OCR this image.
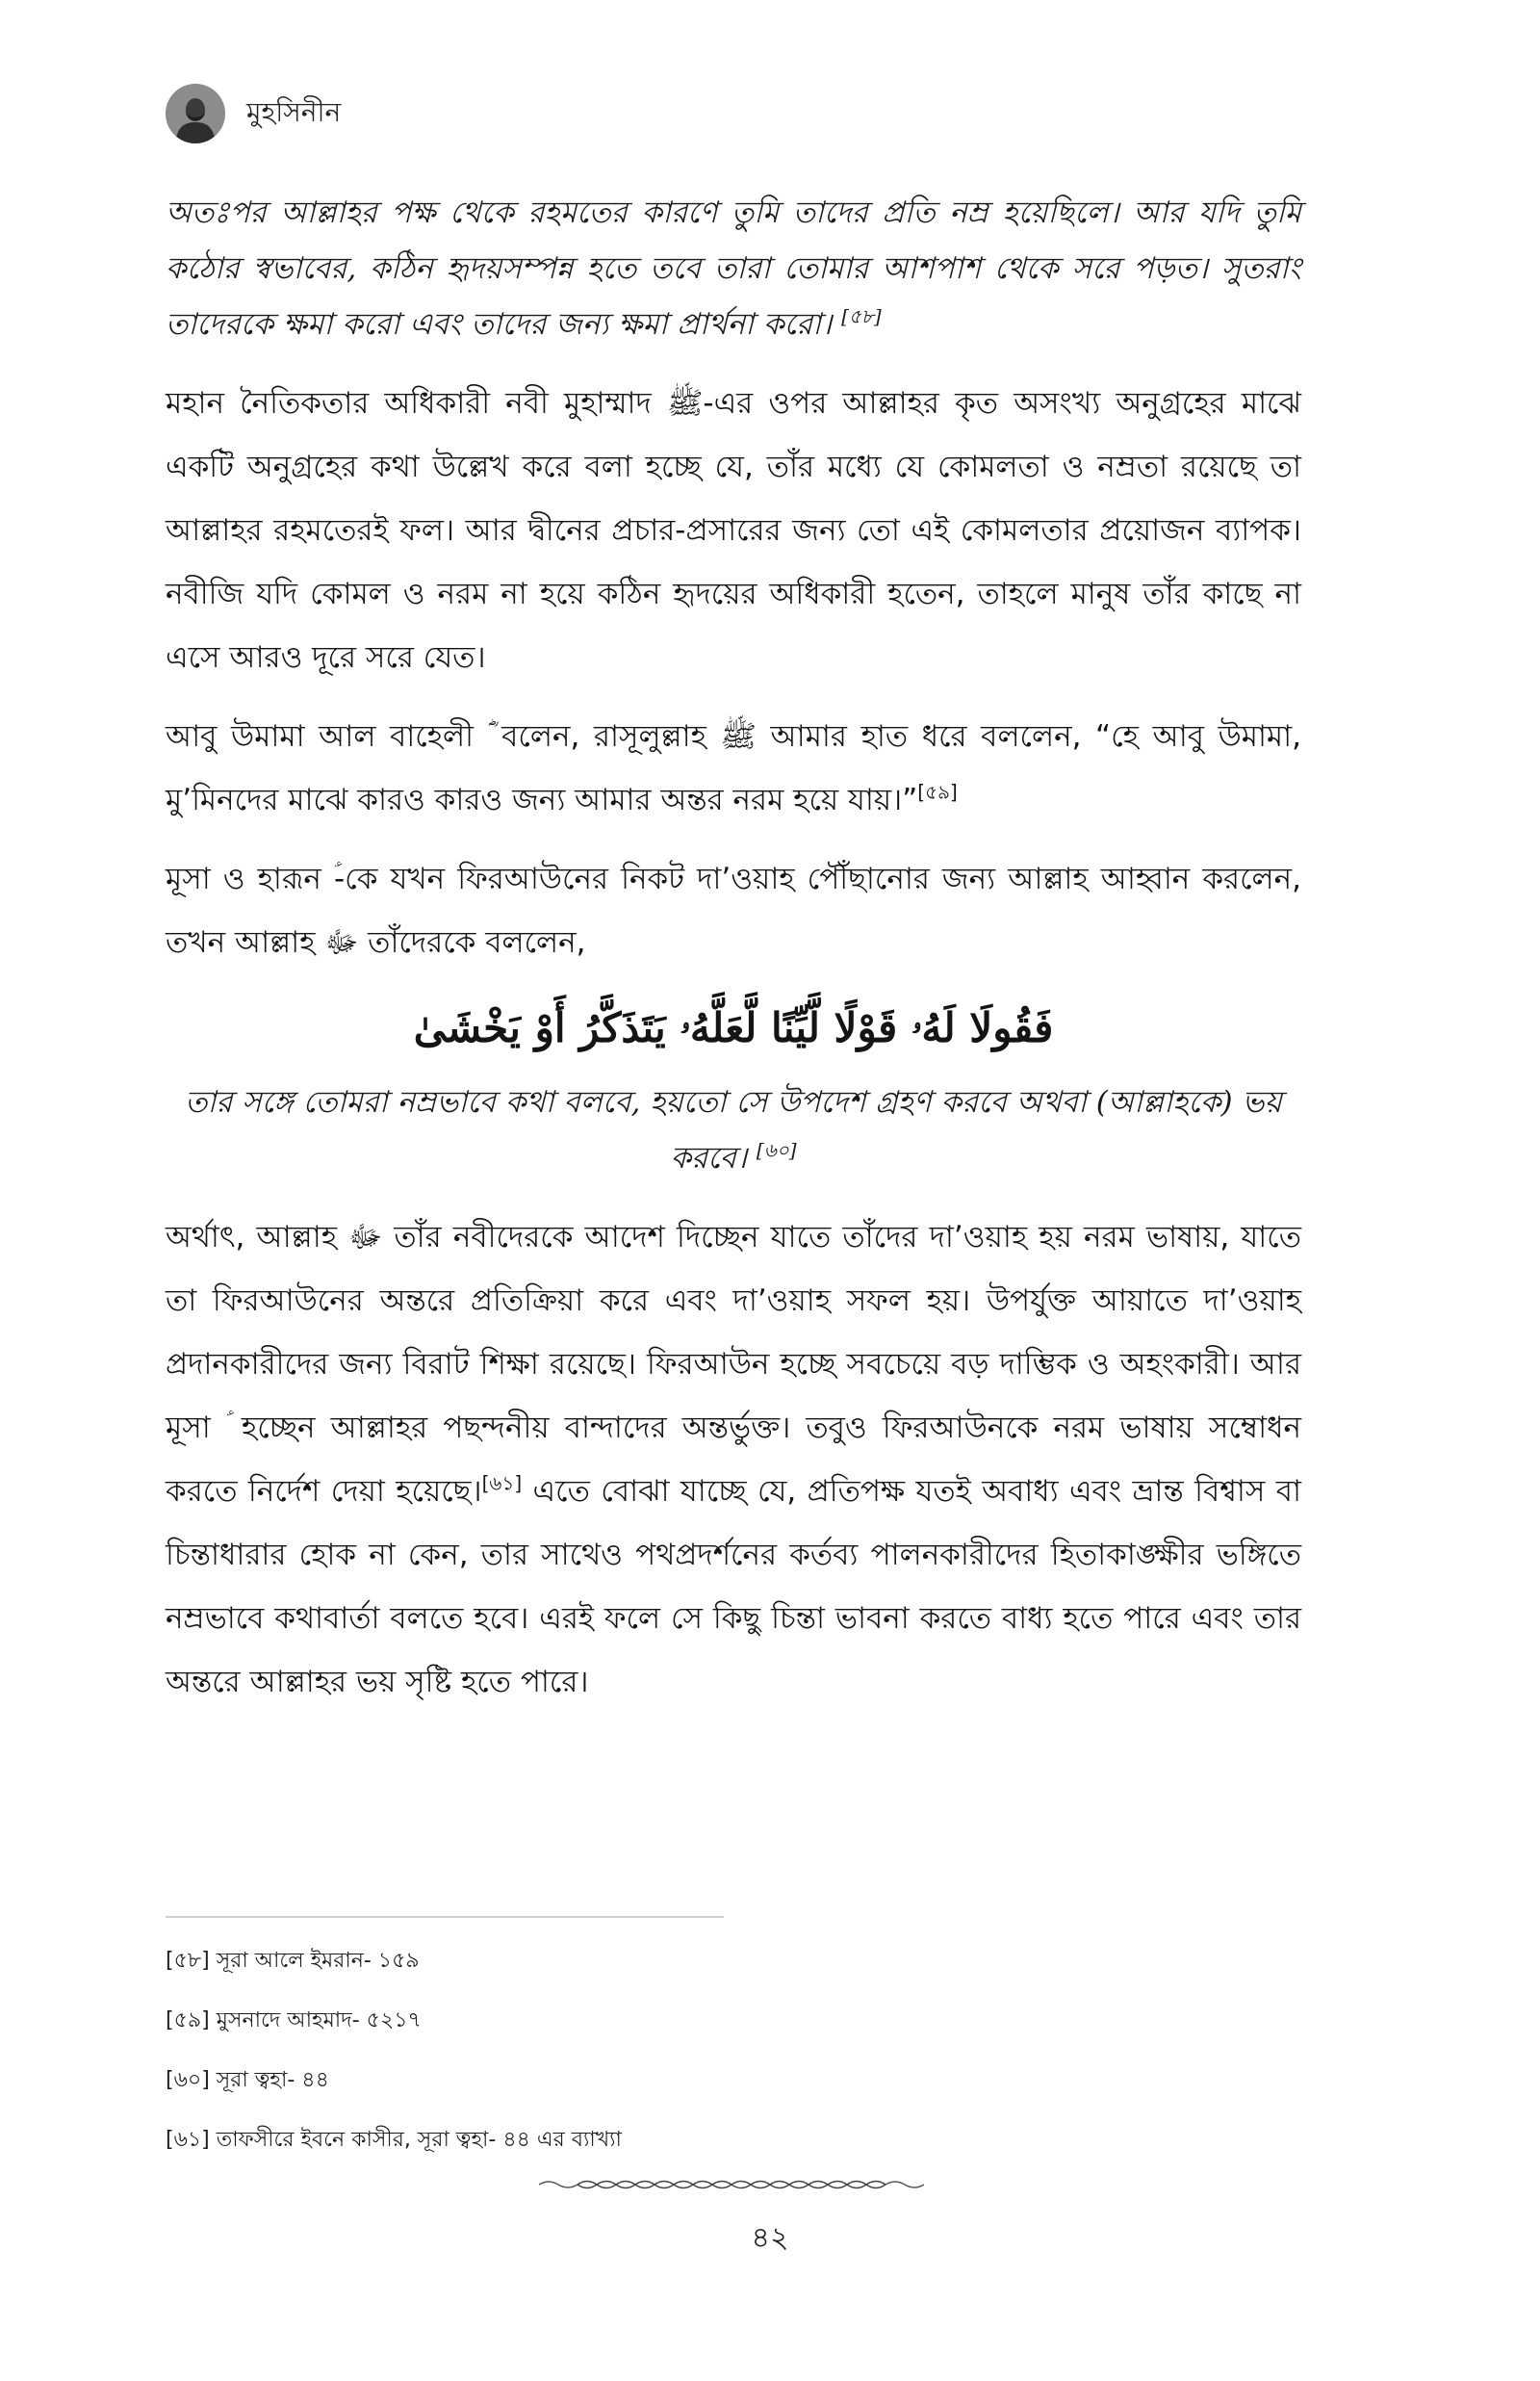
মুহসিনীন

অতঃপর আল্লাহর পক্ষ থেকে রহমতের কারণে তুমি তাদের প্রতি নম্র হয়েছিলে। আর যদি তুমি কঠোর স্বভাবের, কঠিন হৃদয়সম্পন্ন হতে তবে তারা তোমার আশপাশ থেকে সরে পড়ত। সুতরাং তাদেরকে ক্ষমা করো এবং তাদের জন্য ক্ষমা প্রার্থনা করো। [৫৮]

মহান নৈতিকতার অধিকারী নবী মুহাম্মাদ ﷺ-এর ওপর আল্লাহর কৃত অসংখ্য অনুগ্রহের মাঝে একটি অনুগ্রহের কথা উল্লেখ করে বলা হচ্ছে যে, তাঁর মধ্যে যে কোমলতা ও নম্রতা রয়েছে তা আল্লাহর রহমতেরই ফল। আর দ্বীনের প্রচার-প্রসারের জন্য তো এই কোমলতার প্রয়োজন ব্যাপক। নবীজি যদি কোমল ও নরম না হয়ে কঠিন হৃদয়ের অধিকারী হতেন, তাহলে মানুষ তাঁর কাছে না এসে আরও দূরে সরে যেত।

আবু উমামা আল বাহেলী ؓ বলেন, রাসূলুল্লাহ ﷺ আমার হাত ধরে বললেন, “হে আবু উমামা, মু’মিনদের মাঝে কারও কারও জন্য আমার অন্তর নরম হয়ে যায়।”[৫৯]

মূসা ও হারূন ؑ-কে যখন ফিরআউনের নিকট দা’ওয়াহ পৌঁছানোর জন্য আল্লাহ আহ্বান করলেন, তখন আল্লাহ ﷻ তাঁদেরকে বললেন,

فَقُولَا لَهُۥ قَوْلًا لَّيِّنًا لَّعَلَّهُۥ يَتَذَكَّرُ أَوْ يَخْشَىٰ

তার সঙ্গে তোমরা নম্রভাবে কথা বলবে, হয়তো সে উপদেশ গ্রহণ করবে অথবা (আল্লাহকে) ভয় করবে। [৬০]

অর্থাৎ, আল্লাহ ﷻ তাঁর নবীদেরকে আদেশ দিচ্ছেন যাতে তাঁদের দা’ওয়াহ হয় নরম ভাষায়, যাতে তা ফিরআউনের অন্তরে প্রতিক্রিয়া করে এবং দা’ওয়াহ সফল হয়। উপর্যুক্ত আয়াতে দা’ওয়াহ প্রদানকারীদের জন্য বিরাট শিক্ষা রয়েছে। ফিরআউন হচ্ছে সবচেয়ে বড় দাম্ভিক ও অহংকারী। আর মূসা ؑ হচ্ছেন আল্লাহর পছন্দনীয় বান্দাদের অন্তর্ভুক্ত। তবুও ফিরআউনকে নরম ভাষায় সম্বোধন করতে নির্দেশ দেয়া হয়েছে।[৬১] এতে বোঝা যাচ্ছে যে, প্রতিপক্ষ যতই অবাধ্য এবং ভ্রান্ত বিশ্বাস বা চিন্তাধারার হোক না কেন, তার সাথেও পথপ্রদর্শনের কর্তব্য পালনকারীদের হিতাকাঙ্ক্ষীর ভঙ্গিতে নম্রভাবে কথাবার্তা বলতে হবে। এরই ফলে সে কিছু চিন্তা ভাবনা করতে বাধ্য হতে পারে এবং তার অন্তরে আল্লাহর ভয় সৃষ্টি হতে পারে।

[৫৮] সূরা আলে ইমরান- ১৫৯
[৫৯] মুসনাদে আহমাদ- ৫২১৭
[৬০] সূরা ত্বহা- ৪৪
[৬১] তাফসীরে ইবনে কাসীর, সূরা ত্বহা- ৪৪ এর ব্যাখ্যা
৪২
